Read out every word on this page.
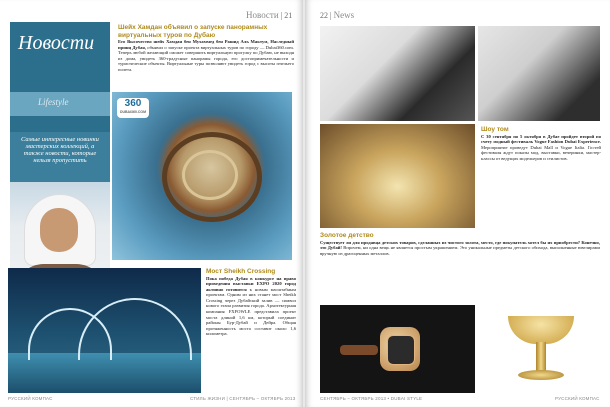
Новости | 21
Новости
Lifestyle
Самые интересные новинки мастерских коллекций, а также новости, которые нельзя пропустить
Шейх Хамдан объявил о запуске панорамных виртуальных туров по Дубаю
Его Высочество шейх Хамдан бен Мухаммед бен Рашид Аль Мактум, Наследный принц Дубая, объявил о запуске проекта виртуальных туров по городу — Dubai360.com. Теперь любой желающий сможет совершить виртуальную прогулку по Дубаю, не выходя из дома, увидеть 360-градусные панорамы города, его достопримечательности и туристические объекты. Виртуальные туры позволяют увидеть город с высоты птичьего полета.
360
DUBAI360.COM
Мост Sheikh Crossing
Пока победа Дубая в конкурсе на право проведения выставки EXPO 2020 город активно готовится к новым масштабным проектам. Одним из них станет мост Sheikh Crossing через Дубайский залив — символ нового этапа развития города. Архитектурная компания FXFOWLE представила проект моста длиной 1,6 км, который соединит районы Бур-Дубай и Дейра. Общая протяженность моста составит около 1,6 километра.
РУССКИЙ КОМПАС	СТИЛЬ ЖИЗНИ | СЕНТЯБРЬ – ОКТЯБРЬ 2013
22 | News
Шоу том
С 30 сентября по 5 октября в Дубае пройдет второй по счету модный фестиваль Vogue Fashion Dubai Experience. Мероприятие проведут Dubai Mall и Vogue Italia. Гостей фестиваля ждут показы мод, выставки, вечеринки, мастер-классы от ведущих модельеров и стилистов.
Золотое детство
Существует ли для продавца детских товаров, сделанных из чистого золота, место, где покупатель хотел бы их приобрести? Конечно, это Дубай! Впрочем, ни одна вещь не является простым украшением. Это уникальные предметы детского обихода, выполненные ювелирами вручную из драгоценных металлов.
СЕНТЯБРЬ – ОКТЯБРЬ 2013 • DUBAI STYLE	РУССКИЙ КОМПАС
